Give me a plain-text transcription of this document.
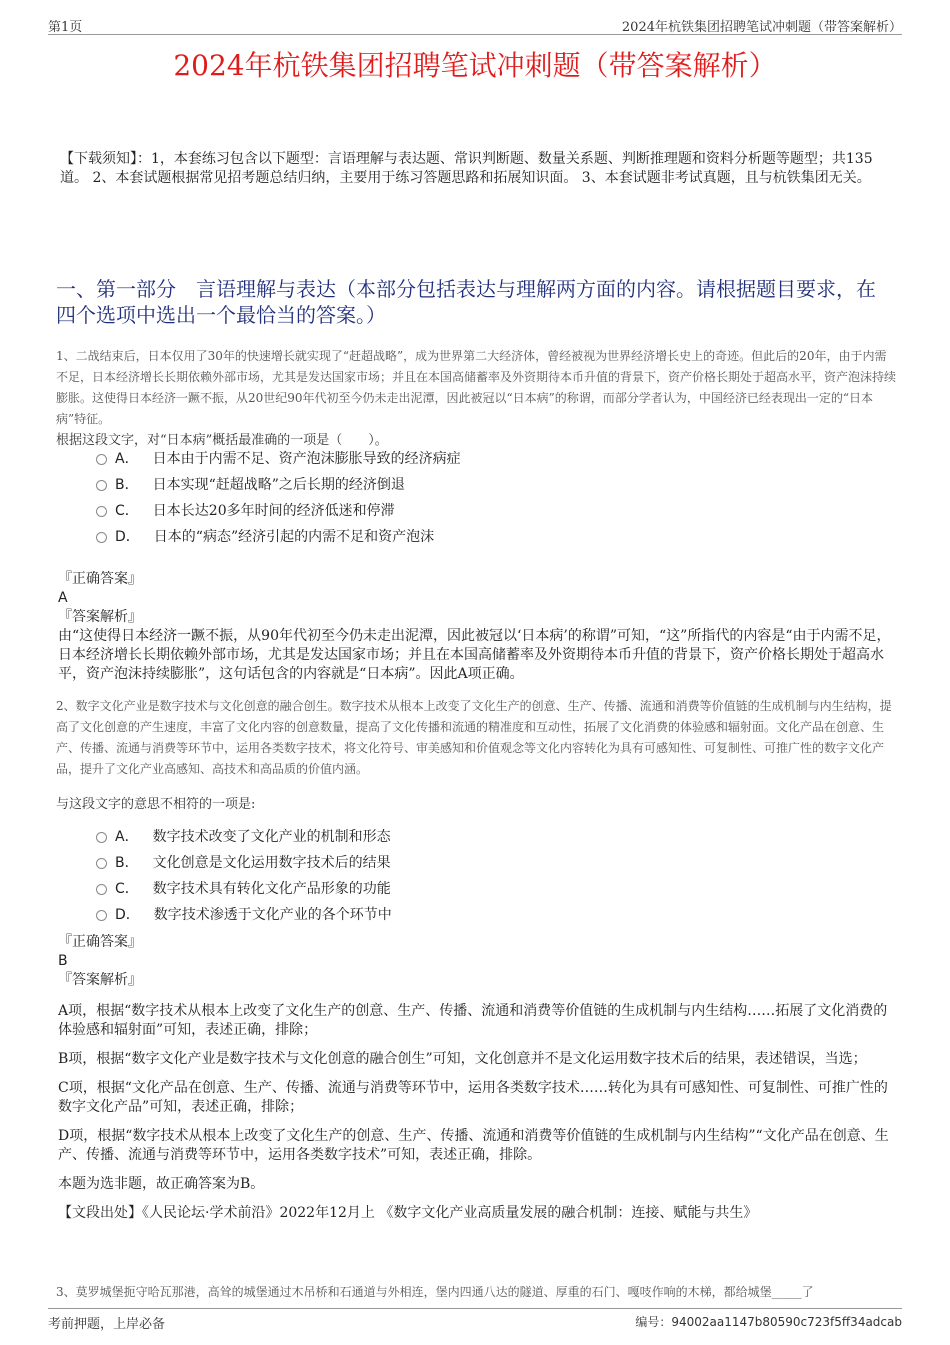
第1页	2024年杭铁集团招聘笔试冲刺题（带答案解析）
2024年杭铁集团招聘笔试冲刺题（带答案解析）
【下载须知】：1，本套练习包含以下题型：言语理解与表达题、常识判断题、数量关系题、判断推理题和资料分析题等题型；共135道。 2、本套试题根据常见招考题总结归纳，主要用于练习答题思路和拓展知识面。 3、本套试题非考试真题，且与杭铁集团无关。
一、第一部分　言语理解与表达（本部分包括表达与理解两方面的内容。请根据题目要求，在四个选项中选出一个最恰当的答案。）
1、二战结束后，日本仅用了30年的快速增长就实现了“赶超战略”，成为世界第二大经济体，曾经被视为世界经济增长史上的奇迹。但此后的20年，由于内需不足，日本经济增长长期依赖外部市场，尤其是发达国家市场；并且在本国高储蓄率及外资期待本币升值的背景下，资产价格长期处于超高水平，资产泡沫持续膨胀。这使得日本经济一蹶不振，从20世纪90年代初至今仍未走出泥潭，因此被冠以“日本病”的称谓，而部分学者认为，中国经济已经表现出一定的“日本病”特征。
根据这段文字，对“日本病”概括最准确的一项是（　　）。
A． 日本由于内需不足、资产泡沫膨胀导致的经济病症
B． 日本实现“赶超战略”之后长期的经济倒退
C． 日本长达20多年时间的经济低迷和停滞
D． 日本的“病态”经济引起的内需不足和资产泡沫
『正确答案』
A
『答案解析』
由“这使得日本经济一蹶不振，从90年代初至今仍未走出泥潭，因此被冠以‘日本病’的称谓”可知，“这”所指代的内容是“由于内需不足，日本经济增长长期依赖外部市场，尤其是发达国家市场；并且在本国高储蓄率及外资期待本币升值的背景下，资产价格长期处于超高水平，资产泡沫持续膨胀”，这句话包含的内容就是“日本病”。因此A项正确。
2、数字文化产业是数字技术与文化创意的融合创生。数字技术从根本上改变了文化生产的创意、生产、传播、流通和消费等价值链的生成机制与内生结构，提高了文化创意的产生速度，丰富了文化内容的创意数量，提高了文化传播和流通的精准度和互动性，拓展了文化消费的体验感和辐射面。文化产品在创意、生产、传播、流通与消费等环节中，运用各类数字技术，将文化符号、审美感知和价值观念等文化内容转化为具有可感知性、可复制性、可推广性的数字文化产品，提升了文化产业高感知、高技术和高品质的价值内涵。
与这段文字的意思不相符的一项是:
A． 数字技术改变了文化产业的机制和形态
B． 文化创意是文化运用数字技术后的结果
C． 数字技术具有转化文化产品形象的功能
D． 数字技术渗透于文化产业的各个环节中
『正确答案』
B
『答案解析』

A项，根据“数字技术从根本上改变了文化生产的创意、生产、传播、流通和消费等价值链的生成机制与内生结构……拓展了文化消费的体验感和辐射面”可知，表述正确，排除；

B项，根据“数字文化产业是数字技术与文化创意的融合创生”可知，文化创意并不是文化运用数字技术后的结果，表述错误，当选；

C项，根据“文化产品在创意、生产、传播、流通与消费等环节中，运用各类数字技术……转化为具有可感知性、可复制性、可推广性的数字文化产品”可知，表述正确，排除；

D项，根据“数字技术从根本上改变了文化生产的创意、生产、传播、流通和消费等价值链的生成机制与内生结构”“文化产品在创意、生产、传播、流通与消费等环节中，运用各类数字技术”可知，表述正确，排除。

本题为选非题，故正确答案为B。

【文段出处】《人民论坛·学术前沿》2022年12月上 《数字文化产业高质量发展的融合机制：连接、赋能与共生》

3、莫罗城堡扼守哈瓦那港，高耸的城堡通过木吊桥和石通道与外相连，堡内四通八达的隧道、厚重的石门、嘎吱作响的木梯，都给城堡_____了
考前押题，上岸必备	编号：94002aa1147b80590c723f5ff34adcab
